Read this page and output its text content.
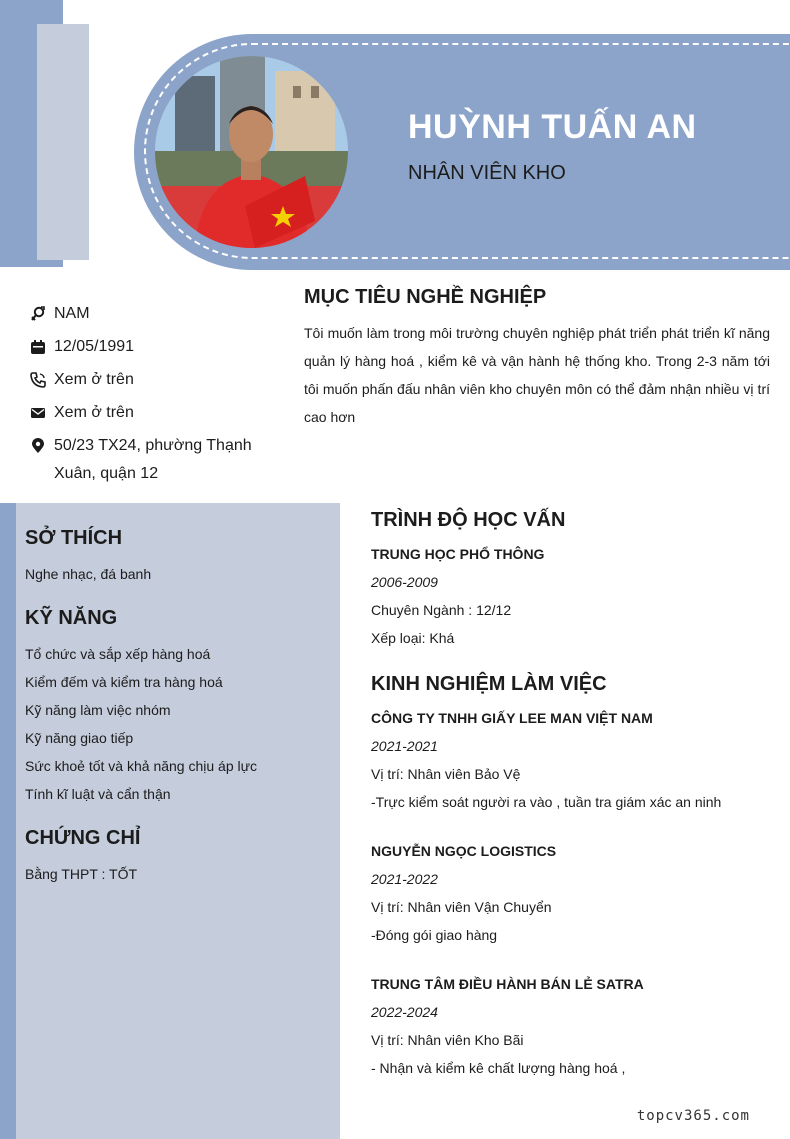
HUỲNH TUẤN AN
NHÂN VIÊN KHO
NAM
12/05/1991
Xem ở trên
Xem ở trên
50/23 TX24, phường Thạnh Xuân, quận 12
MỤC TIÊU NGHỀ NGHIỆP

Tôi muốn làm trong môi trường chuyên nghiệp phát triển phát triển kĩ năng quản lý hàng hoá , kiểm kê và vận hành hệ thống kho. Trong 2-3 năm tới tôi muốn phấn đấu nhân viên kho chuyên môn có thể đảm nhận nhiều vị trí cao hơn

SỞ THÍCH
Nghe nhạc, đá banh
KỸ NĂNG
Tổ chức và sắp xếp hàng hoá
Kiểm đếm và kiểm tra hàng hoá
Kỹ năng làm việc nhóm
Kỹ năng giao tiếp
Sức khoẻ tốt và khả năng chịu áp lực
Tính kĩ luật và cẩn thận
CHỨNG CHỈ
Bằng THPT : TỐT
TRÌNH ĐỘ HỌC VẤN
TRUNG HỌC PHỔ THÔNG
2006-2009
Chuyên Ngành : 12/12
Xếp loại: Khá
KINH NGHIỆM LÀM VIỆC
CÔNG TY TNHH GIẤY LEE MAN VIỆT NAM
2021-2021
Vị trí: Nhân viên Bảo Vệ
-Trực kiểm soát người ra vào , tuần tra giám xác an ninh
NGUYỄN NGỌC LOGISTICS
2021-2022
Vị trí: Nhân viên Vận Chuyển
-Đóng gói giao hàng
TRUNG TÂM ĐIỀU HÀNH BÁN LẺ SATRA
2022-2024
Vị trí: Nhân viên Kho Bãi
- Nhận và kiểm kê chất lượng hàng hoá ,
topcv365.com
